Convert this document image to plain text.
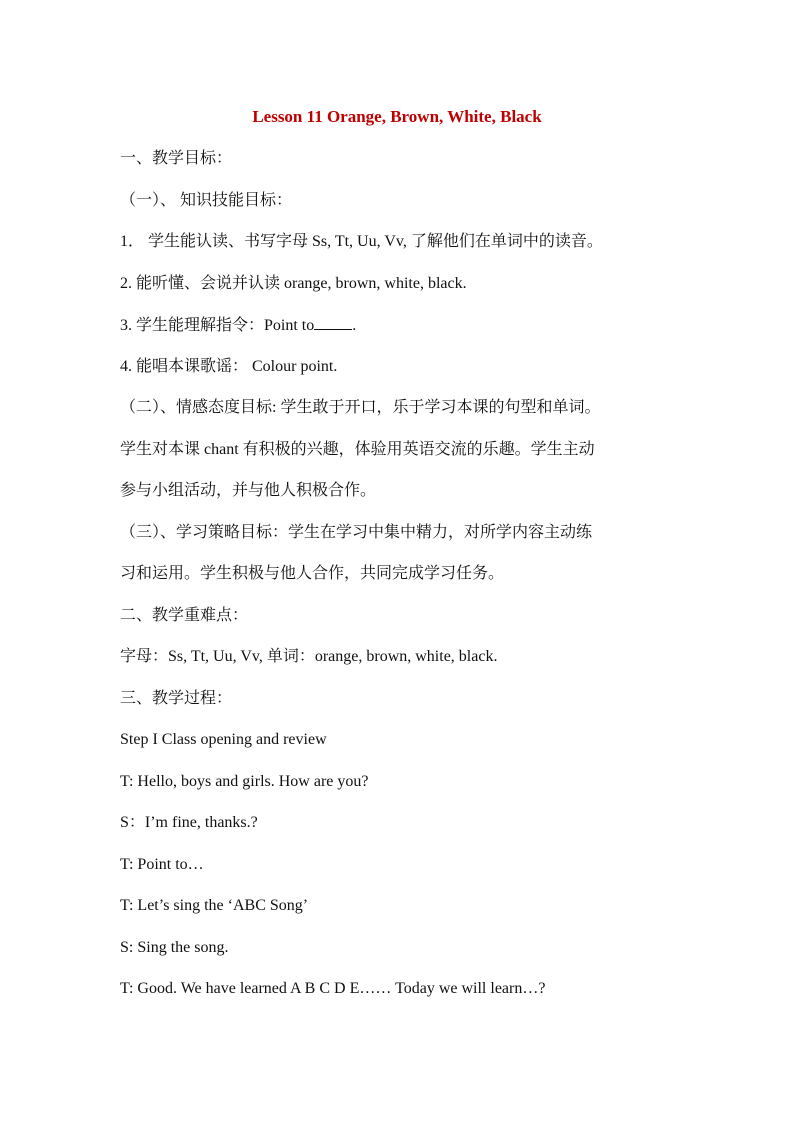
Lesson 11 Orange, Brown, White, Black
一、教学目标：
（一）、 知识技能目标：
1． 学生能认读、书写字母 Ss, Tt, Uu, Vv, 了解他们在单词中的读音。
2. 能听懂、会说并认读 orange, brown, white, black.
3. 学生能理解指令：Point to .
4. 能唱本课歌谣： Colour point.
（二）、情感态度目标: 学生敢于开口，乐于学习本课的句型和单词。
学生对本课 chant 有积极的兴趣，体验用英语交流的乐趣。学生主动
参与小组活动，并与他人积极合作。
（三）、学习策略目标：学生在学习中集中精力，对所学内容主动练
习和运用。学生积极与他人合作，共同完成学习任务。
二、教学重难点：
字母：Ss, Tt, Uu, Vv, 单词：orange, brown, white, black.
三、教学过程：
Step I Class opening and review
T: Hello, boys and girls. How are you?
S：I’m fine, thanks.?
T: Point to…
T: Let’s sing the ‘ABC Song’
S: Sing the song.
T: Good. We have learned A B C D E…… Today we will learn…?
